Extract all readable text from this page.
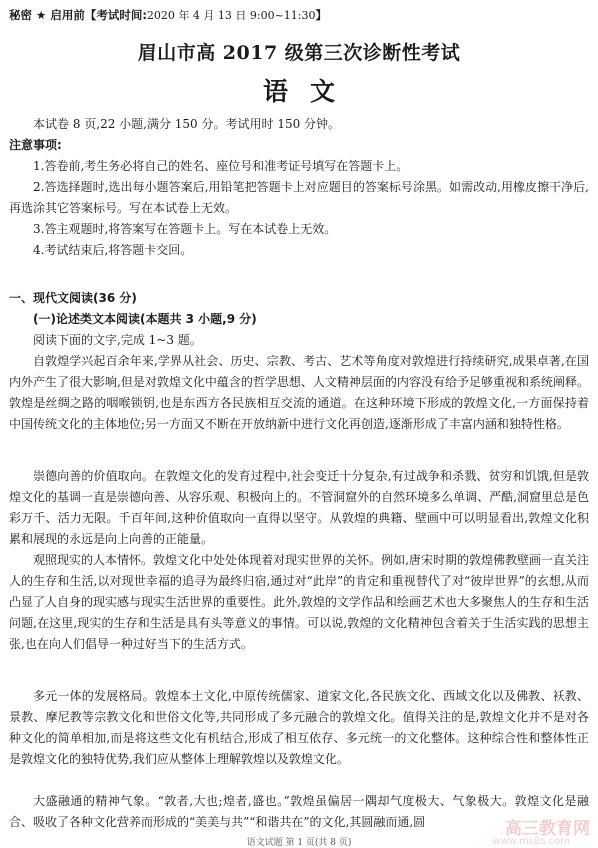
秘密 ★ 启用前【考试时间:2020 年 4 月 13 日 9:00~11:30】
眉山市高 2017 级第三次诊断性考试
语文

本试卷 8 页,22 小题,满分 150 分。考试用时 150 分钟。

注意事项:

1.答卷前,考生务必将自己的姓名、座位号和准考证号填写在答题卡上。

2.答选择题时,选出每小题答案后,用铅笔把答题卡上对应题目的答案标号涂黑。如需改动,用橡皮擦干净后,再选涂其它答案标号。写在本试卷上无效。

3.答主观题时,将答案写在答题卡上。写在本试卷上无效。

4.考试结束后,将答题卡交回。

一、现代文阅读(36 分)

(一)论述类文本阅读(本题共 3 小题,9 分)

阅读下面的文字,完成 1~3 题。

自敦煌学兴起百余年来,学界从社会、历史、宗教、考古、艺术等角度对敦煌进行持续研究,成果卓著,在国内外产生了很大影响,但是对敦煌文化中蕴含的哲学思想、人文精神层面的内容没有给予足够重视和系统阐释。敦煌是丝绸之路的咽喉锁钥,也是东西方各民族相互交流的通道。在这种环境下形成的敦煌文化,一方面保持着中国传统文化的主体地位;另一方面又不断在开放纳新中进行文化再创造,逐渐形成了丰富内涵和独特性格。

崇德向善的价值取向。在敦煌文化的发育过程中,社会变迁十分复杂,有过战争和杀戮、贫穷和饥饿,但是敦煌文化的基调一直是崇德向善、从容乐观、积极向上的。不管洞窟外的自然环境多么单调、严酷,洞窟里总是色彩万千、活力无限。千百年间,这种价值取向一直得以坚守。从敦煌的典籍、壁画中可以明显看出,敦煌文化积累和展现的永远是向上向善的正能量。

观照现实的人本情怀。敦煌文化中处处体现着对现实世界的关怀。例如,唐宋时期的敦煌佛教壁画一直关注人的生存和生活,以对现世幸福的追寻为最终归宿,通过对“此岸”的肯定和重视替代了对“彼岸世界”的玄想,从而凸显了人自身的现实感与现实生活世界的重要性。此外,敦煌的文学作品和绘画艺术也大多聚焦人的生存和生活问题,在这里,现实的生存和生活是具有头等意义的事情。可以说,敦煌的文化精神包含着关于生活实践的思想主张,也在向人们倡导一种过好当下的生活方式。

多元一体的发展格局。敦煌本土文化,中原传统儒家、道家文化,各民族文化、西域文化以及佛教、袄教、景教、摩尼教等宗教文化和世俗文化等,共同形成了多元融合的敦煌文化。值得关注的是,敦煌文化并不是对各种文化的简单相加,而是将这些文化有机结合,形成了相互依存、多元统一的文化整体。这种综合性和整体性正是敦煌文化的独特优势,我们应从整体上理解敦煌以及敦煌文化。

大盛融通的精神气象。“敦者,大也;煌者,盛也。”敦煌虽偏居一隅却气度极大、气象极大。敦煌文化是融合、吸收了各种文化营养而形成的“美美与共”“和谐共在”的文化,其圆融而通,圆

语文试题 第 1 页(共 8 页)
高三教育网
www.ms8s.com
